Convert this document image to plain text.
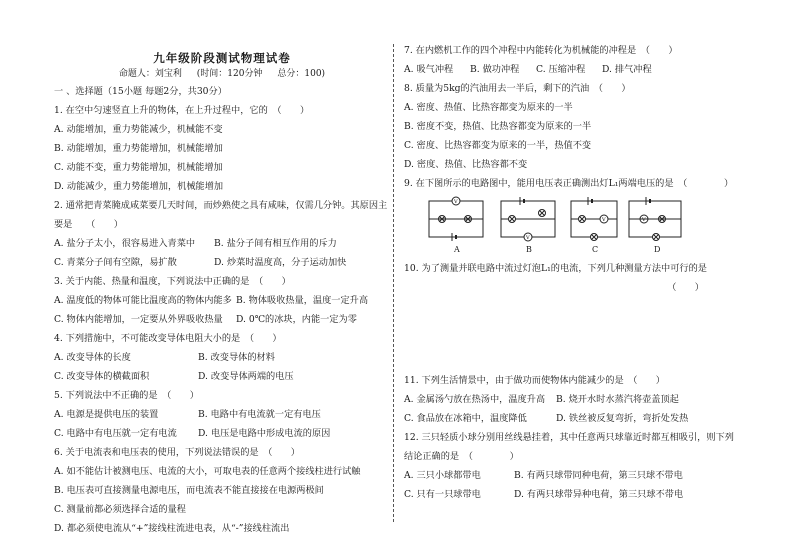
九年级阶段测试物理试卷
命题人：刘宝利 (时间：120分钟 总分：100)
一 、选择题（15小题 每题2分，共30分）
1. 在空中匀速竖直上升的物体，在上升过程中，它的　（　　）
A. 动能增加，重力势能减少，机械能不变
B. 动能增加，重力势能增加，机械能增加
C. 动能不变，重力势能增加，机械能增加
D. 动能减少，重力势能增加，机械能增加
2. 通常把青菜腌成咸菜要几天时间，而炒熟使之具有咸味，仅需几分钟。其原因主
要是　　（　　）
A. 盐分子太小，很容易进入青菜中	B. 盐分子间有相互作用的斥力
C. 青菜分子间有空隙，易扩散	D. 炒菜时温度高，分子运动加快
3. 关于内能、热量和温度，下列说法中正确的是　（　　）
A. 温度低的物体可能比温度高的物体内能多 B. 物体吸收热量，温度一定升高
C. 物体内能增加，一定要从外界吸收热量	D. 0℃的冰块，内能一定为零
4. 下列措施中，不可能改变导体电阻大小的是　（　　）
A. 改变导体的长度	B. 改变导体的材料
C. 改变导体的横截面积	D. 改变导体两端的电压
5. 下列说法中不正确的是　（　　）
A. 电源是提供电压的装置	B. 电路中有电流就一定有电压
C. 电路中有电压就一定有电流	D. 电压是电路中形成电流的原因
6. 关于电流表和电压表的使用，下列说法错误的是　（　　）
A. 如不能估计被测电压、电流的大小，可取电表的任意两个接线柱进行试触
B. 电压表可直接测量电源电压，而电流表不能直接接在电源两极间
C. 测量前都必须选择合适的量程
D. 都必须使电流从“+”接线柱流进电表，从“-”接线柱流出
7. 在内燃机工作的四个冲程中内能转化为机械能的冲程是　（　　）
A. 吸气冲程	B. 做功冲程	C. 压缩冲程	D. 排气冲程
8. 质量为5kg的汽油用去一半后，剩下的汽油　（　　）
A. 密度、热值、比热容都变为原来的一半
B. 密度不变，热值、比热容都变为原来的一半
C. 密度、比热容都变为原来的一半，热值不变
D. 密度、热值、比热容都不变
9. 在下图所示的电路图中，能用电压表正确测出灯L₁两端电压的是　（　　　　）
V
V
V	V
A	B	C	D
10. 为了测量并联电路中流过灯泡L₁的电流，下列几种测量方法中可行的是
（　　）
11. 下列生活情景中，由于做功而使物体内能减少的是　（　　）
A. 金属汤勺放在热汤中，温度升高	B. 烧开水时水蒸汽将壶盖顶起
C. 食品放在冰箱中，温度降低	D. 铁丝被反复弯折，弯折处发热
12. 三只轻质小球分别用丝线悬挂着，其中任意两只球靠近时都互相吸引，则下列
结论正确的是　（　　　　）
A. 三只小球都带电	B. 有两只球带同种电荷，第三只球不带电
C. 只有一只球带电	D. 有两只球带异种电荷，第三只球不带电
